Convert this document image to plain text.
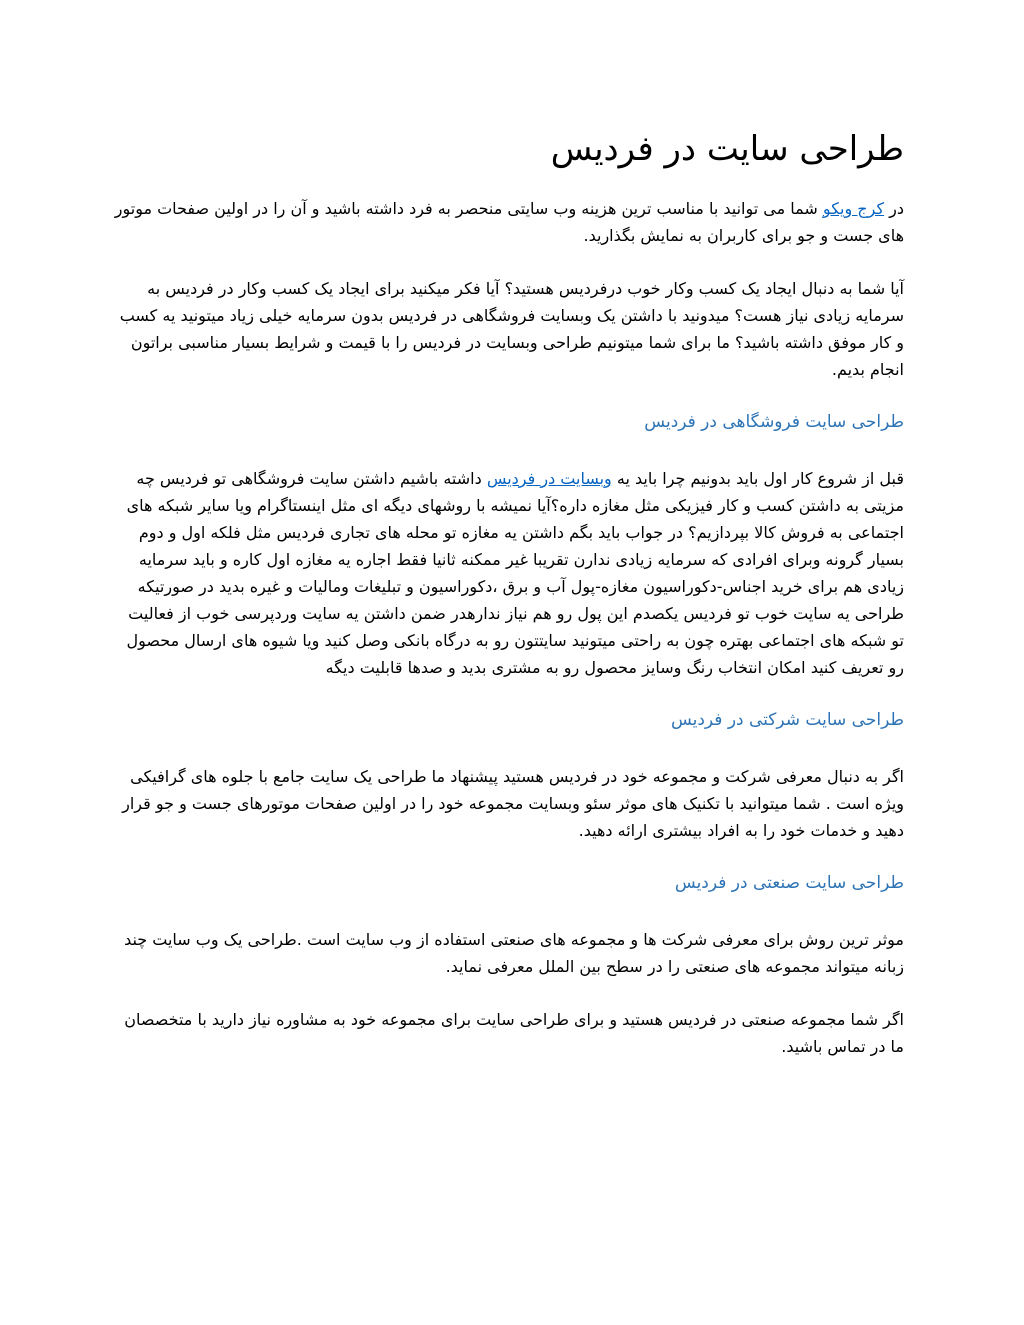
طراحی سایت در فردیس

در کرج ویکو شما می توانید با مناسب ترین هزینه وب سایتی منحصر به فرد داشته باشید و آن را در اولین صفحات موتور های جست و جو برای کاربران به نمایش بگذارید.

آیا شما به دنبال ایجاد یک کسب وکار خوب درفردیس هستید؟ آیا فکر میکنید برای ایجاد یک کسب وکار در فردیس به سرمایه زیادی نیاز هست؟ میدونید با داشتن یک وبسایت فروشگاهی در فردیس بدون سرمایه خیلی زیاد میتونید یه کسب و کار موفق داشته باشید؟ ما برای شما میتونیم طراحی وبسایت در فردیس را با قیمت و شرایط بسیار مناسبی براتون انجام بدیم.

طراحی سایت فروشگاهی در فردیس

قبل از شروع کار اول باید بدونیم چرا باید یه وبسایت در فردیس داشته باشیم داشتن سایت فروشگاهی تو فردیس چه مزیتی به داشتن کسب و کار فیزیکی مثل مغازه داره؟آیا نمیشه با روشهای دیگه ای مثل اینستاگرام ویا سایر شبکه های اجتماعی به فروش کالا بپردازیم؟ در جواب باید بگم داشتن یه مغازه تو محله های تجاری فردیس مثل فلکه اول و دوم بسیار گرونه وبرای افرادی که سرمایه زیادی ندارن تقریبا غیر ممکنه ثانیا فقط اجاره یه مغازه اول کاره و باید سرمایه زیادی هم برای خرید اجناس-دکوراسیون مغازه-پول آب و برق ،دکوراسیون و تبلیغات ومالیات و غیره بدید در صورتیکه طراحی یه سایت خوب تو فردیس یکصدم این پول رو هم نیاز ندارهدر ضمن داشتن یه سایت وردپرسی خوب از فعالیت تو شبکه های اجتماعی بهتره چون به راحتی میتونید سایتتون رو به درگاه بانکی وصل کنید ویا شیوه های ارسال محصول رو تعریف کنید امکان انتخاب رنگ وسایز محصول رو به مشتری بدید و صدها قابلیت دیگه

طراحی سایت شرکتی در فردیس

اگر به دنبال معرفی شرکت و مجموعه خود در فردیس هستید پیشنهاد ما طراحی یک سایت جامع با جلوه های گرافیکی ویژه است . شما میتوانید با تکنیک های موثر سئو وبسایت مجموعه خود را در اولین صفحات موتورهای جست و جو قرار دهید و خدمات خود را به افراد بیشتری ارائه دهید.

طراحی سایت صنعتی در فردیس

موثر ترین روش برای معرفی شرکت ها و مجموعه های صنعتی استفاده از وب سایت است .طراحی یک وب سایت چند زبانه میتواند مجموعه های صنعتی را در سطح بین الملل معرفی نماید.

اگر شما مجموعه صنعتی در فردیس هستید و برای طراحی سایت برای مجموعه خود به مشاوره نیاز دارید با متخصصان ما در تماس باشید.
